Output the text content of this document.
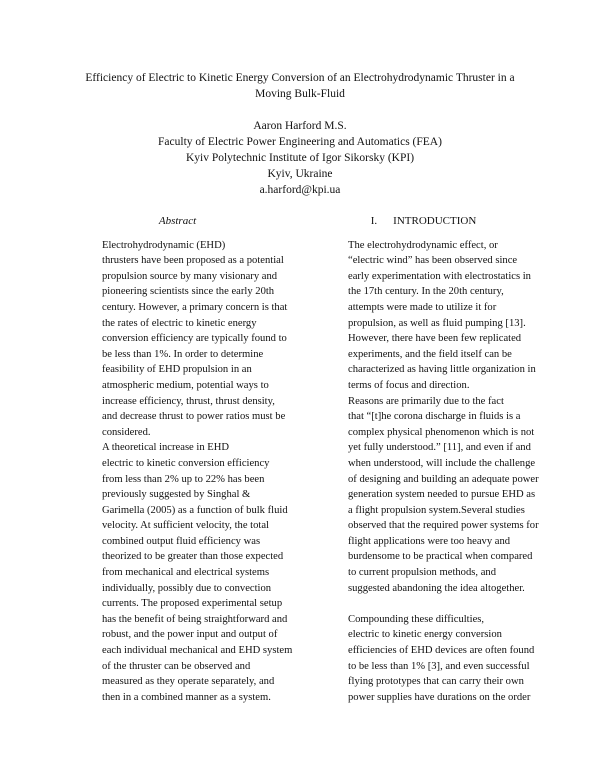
Efficiency of Electric to Kinetic Energy Conversion of an Electrohydrodynamic Thruster in a
Moving Bulk-Fluid
Aaron Harford M.S.
Faculty of Electric Power Engineering and Automatics (FEA)
Kyiv Polytechnic Institute of Igor Sikorsky (KPI)
Kyiv, Ukraine
a.harford@kpi.ua
Abstract

Electrohydrodynamic (EHD)
thrusters have been proposed as a potential
propulsion source by many visionary and
pioneering scientists since the early 20th
century. However, a primary concern is that
the rates of electric to kinetic energy
conversion efficiency are typically found to
be less than 1%. In order to determine
feasibility of EHD propulsion in an
atmospheric medium, potential ways to
increase efficiency, thrust, thrust density,
and decrease thrust to power ratios must be
considered.

A theoretical increase in EHD
electric to kinetic conversion efficiency
from less than 2% up to 22% has been
previously suggested by Singhal &
Garimella (2005) as a function of bulk fluid
velocity. At sufficient velocity, the total
combined output fluid efficiency was
theorized to be greater than those expected
from mechanical and electrical systems
individually, possibly due to convection
currents. The proposed experimental setup
has the benefit of being straightforward and
robust, and the power input and output of
each individual mechanical and EHD system
of the thruster can be observed and
measured as they operate separately, and
then in a combined manner as a system.

I. INTRODUCTION

The electrohydrodynamic effect, or
“electric wind” has been observed since
early experimentation with electrostatics in
the 17th century. In the 20th century,
attempts were made to utilize it for
propulsion, as well as fluid pumping [13].
However, there have been few replicated
experiments, and the field itself can be
characterized as having little organization in
terms of focus and direction.

Reasons are primarily due to the fact
that “[t]he corona discharge in fluids is a
complex physical phenomenon which is not
yet fully understood.” [11], and even if and
when understood, will include the challenge
of designing and building an adequate power
generation system needed to pursue EHD as
a flight propulsion system.Several studies
observed that the required power systems for
flight applications were too heavy and
burdensome to be practical when compared
to current propulsion methods, and
suggested abandoning the idea altogether.

Compounding these difficulties,
electric to kinetic energy conversion
efficiencies of EHD devices are often found
to be less than 1% [3], and even successful
flying prototypes that can carry their own
power supplies have durations on the order
